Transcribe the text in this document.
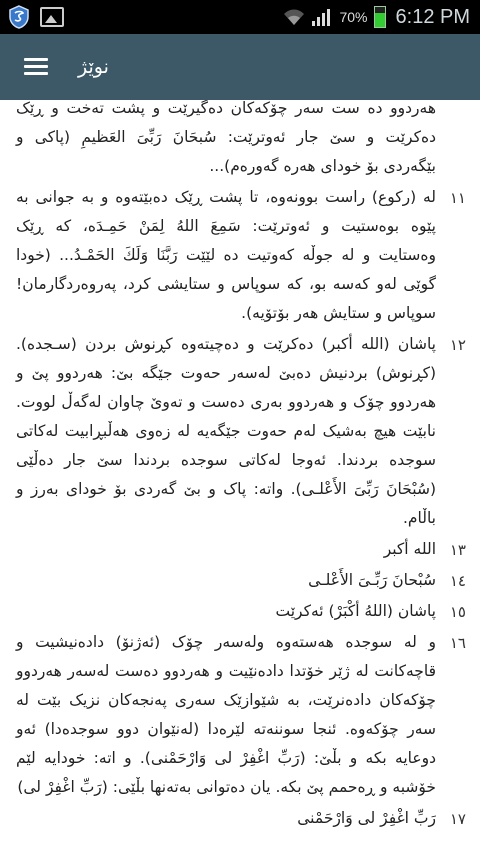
70% 6:12 PM
نوێژ
هەردوو دە ست سەر چۆکەکان دەگیرێت و پشت تەخت و ڕێک دەکرێت و سێ جار ئەوترێت: سُبحَانَ رَبِّیَ العَظیمِ (پاکی و بێگەردی بۆ خودای هەرە گەورەم)...
١١
لە (رکوع) راست بوونەوە، تا پشت ڕێک دەبێتەوە و بە جوانی بە پێوە بوەستیت و ئەوترێت: سَمِعَ اللهُ لِمَنْ حَمِـدَه، کە ڕێک وەستایت و لە جوڵە کەوتیت دە لێێت رَبَّنَا وَلَكَ الحَمْـدُ... (خودا گوێی لەو کەسە بو، کە سوپاس و ستایشی کرد، پەروەردگارمان! سوپاس و ستایش هەر بۆتۆیە).
١٢
پاشان (الله أكبر) دەکرێت و دەچیتەوە کڕنوش بردن (سـجدە). (کڕنوش) بردنیش دەبێ لەسەر حەوت جێگە بێ: هەردوو پێ و هەردوو چۆک و هەردوو بەری دەست و تەوێ چاوان لەگەڵ لووت. نابێت هیچ بەشیک لەم حەوت جێگەیە لە زەوی هەڵبڕابیت لەکاتی سوجدە بردندا. ئەوجا لەکاتی سوجدە بردندا سێ جار دەڵێی (سُبْحَانَ رَبِّیَ الأَعْلـی). واتە: پاک و بێ گەردی بۆ خودای بەرز و باڵام.
١٣
الله أكبر
١٤
سُبْحانَ رَبِّـیَ الأَعْلـی
١٥
پاشان (اللهُ أكْبَرْ) ئەکرێت
١٦
و لە سوجدە هەستەوە ولەسەر چۆک (ئەژنۆ) دادەنیشیت و قاچەکانت لە ژێر خۆتدا دادەنێیت و هەردوو دەست لەسەر هەردوو چۆکەکان دادەنرێت، بە شێوازێک سەری پەنجەکان نزیک بێت لە سەر چۆکەوە. ئنجا سوننەتە لێرەدا (لەنێوان دوو سوجدەدا) ئەو دوعایە بکە و بڵێ: (رَبِّ اغْفِرْ لی وَارْحَمْنی). و اتە: خودایە لێم خۆشبە و ڕەحمم پێ بکە. یان دەتوانی بەتەنها بڵێی: (رَبِّ اغْفِرْ لی)
١٧
رَبِّ اغْفِرْ لی وَارْحَمْنی
